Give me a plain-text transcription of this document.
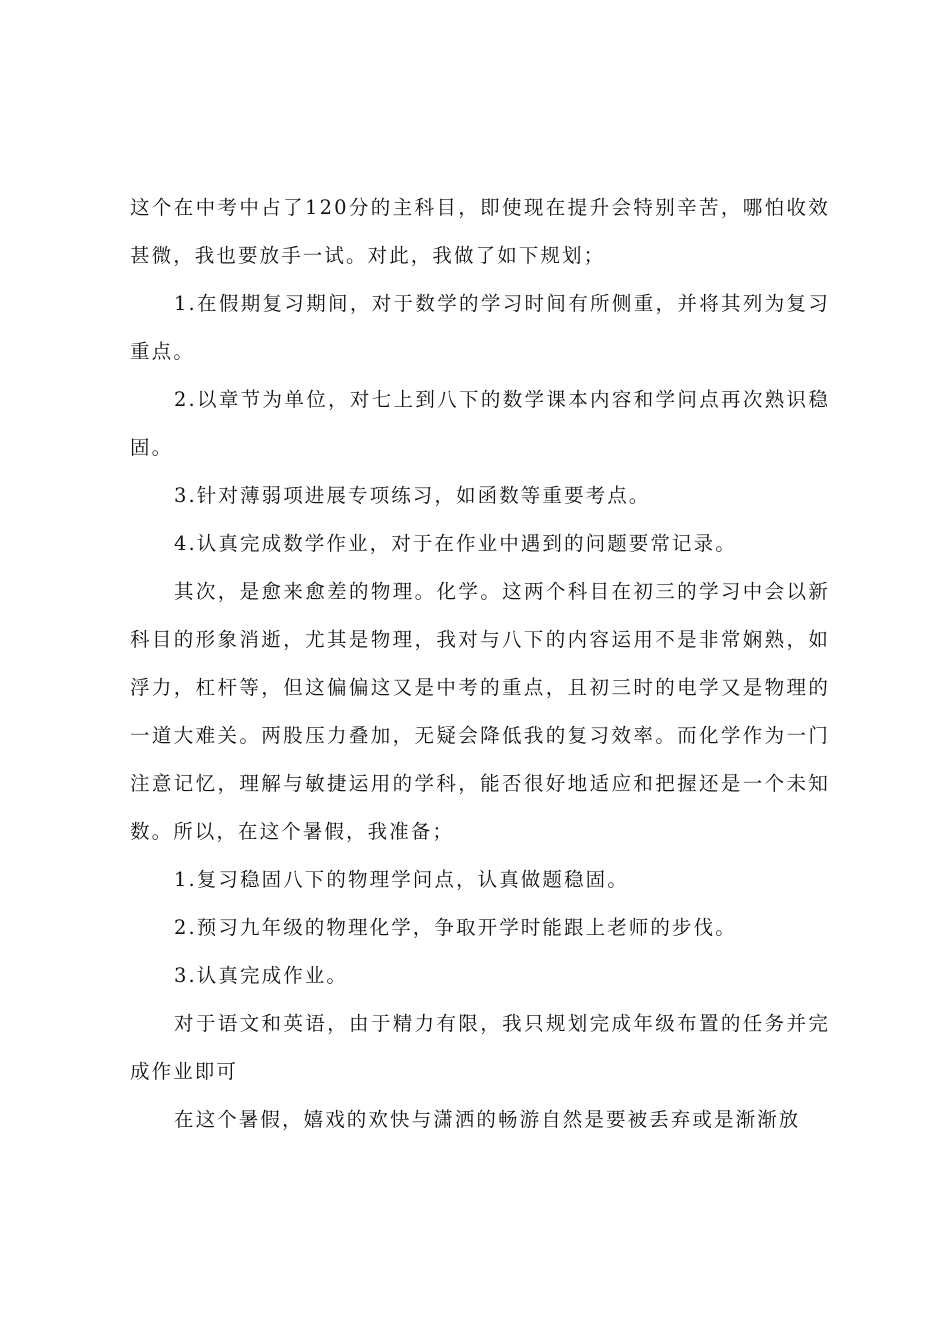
这个在中考中占了120分的主科目，即使现在提升会特别辛苦，哪怕收效甚微，我也要放手一试。对此，我做了如下规划；

1.在假期复习期间，对于数学的学习时间有所侧重，并将其列为复习重点。

2.以章节为单位，对七上到八下的数学课本内容和学问点再次熟识稳固。

3.针对薄弱项进展专项练习，如函数等重要考点。

4.认真完成数学作业，对于在作业中遇到的问题要常记录。

其次，是愈来愈差的物理。化学。这两个科目在初三的学习中会以新科目的形象消逝，尤其是物理，我对与八下的内容运用不是非常娴熟，如浮力，杠杆等，但这偏偏这又是中考的重点，且初三时的电学又是物理的一道大难关。两股压力叠加，无疑会降低我的复习效率。而化学作为一门注意记忆，理解与敏捷运用的学科，能否很好地适应和把握还是一个未知数。所以，在这个暑假，我准备；

1.复习稳固八下的物理学问点，认真做题稳固。

2.预习九年级的物理化学，争取开学时能跟上老师的步伐。

3.认真完成作业。

对于语文和英语，由于精力有限，我只规划完成年级布置的任务并完成作业即可

在这个暑假，嬉戏的欢快与潇洒的畅游自然是要被丢弃或是渐渐放
